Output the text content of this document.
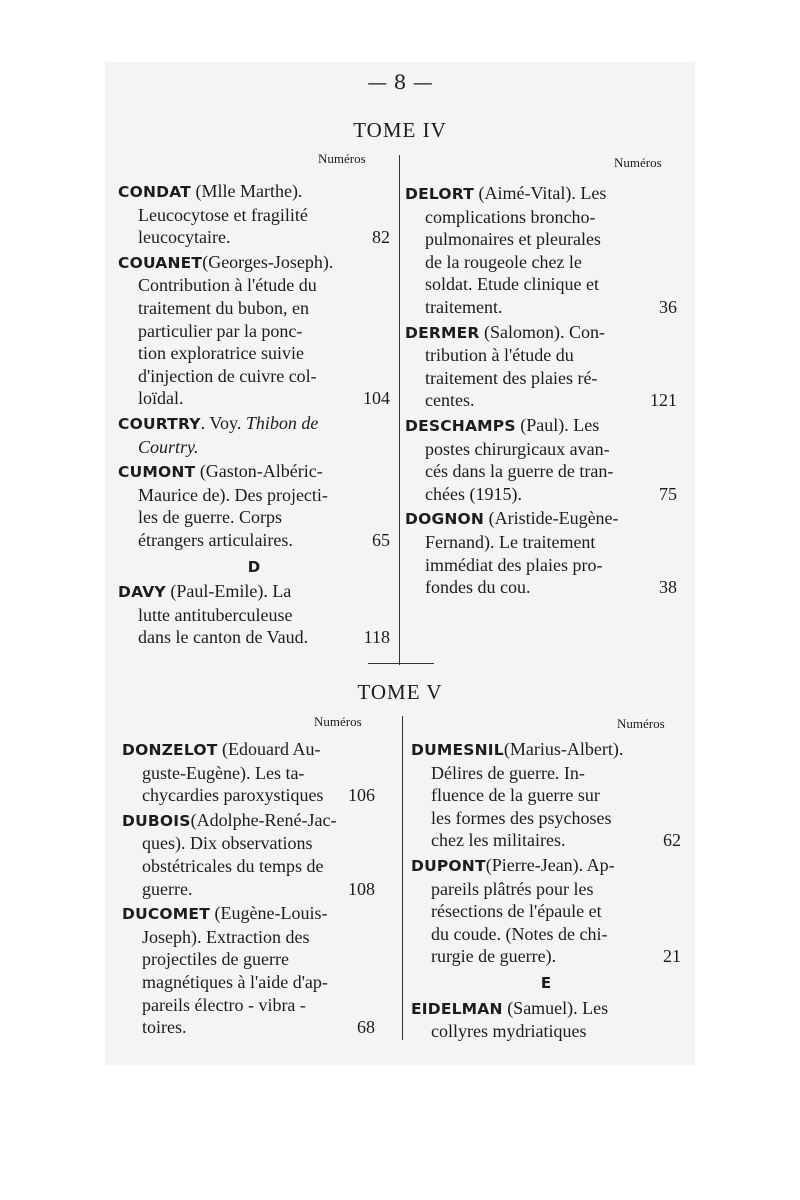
— 8 —
TOME IV
Numéros	Numéros
CONDAT (Mlle Marthe).
Leucocytose et fragilité
leucocytaire.	82
COUANET(Georges-Joseph).
Contribution à l'étude du
traitement du bubon, en
particulier par la ponc-
tion exploratrice suivie
d'injection de cuivre col-
loïdal.	104
COURTRY. Voy. Thibon de
Courtry.
CUMONT (Gaston-Albéric-
Maurice de). Des projecti-
les de guerre. Corps
étrangers articulaires.	65
D
DAVY (Paul-Emile). La
lutte antituberculeuse
dans le canton de Vaud.	118
DELORT (Aimé-Vital). Les
complications broncho-
pulmonaires et pleurales
de la rougeole chez le
soldat. Etude clinique et
traitement.	36
DERMER (Salomon). Con-
tribution à l'étude du
traitement des plaies ré-
centes.	121
DESCHAMPS (Paul). Les
postes chirurgicaux avan-
cés dans la guerre de tran-
chées (1915).	75
DOGNON (Aristide-Eugène-
Fernand). Le traitement
immédiat des plaies pro-
fondes du cou.	38
TOME V
Numéros	Numéros
DONZELOT (Edouard Au-
guste-Eugène). Les ta-
chycardies paroxystiques 106
DUBOIS(Adolphe-René-Jac-
ques). Dix observations
obstétricales du temps de
guerre.	108
DUCOMET (Eugène-Louis-
Joseph). Extraction des
projectiles de guerre
magnétiques à l'aide d'ap-
pareils électro - vibra -
toires.	68
DUMESNIL(Marius-Albert).
Délires de guerre. In-
fluence de la guerre sur
les formes des psychoses
chez les militaires.	62
DUPONT(Pierre-Jean). Ap-
pareils plâtrés pour les
résections de l'épaule et
du coude. (Notes de chi-
rurgie de guerre).	21
E
EIDELMAN (Samuel). Les
collyres mydriatiques
